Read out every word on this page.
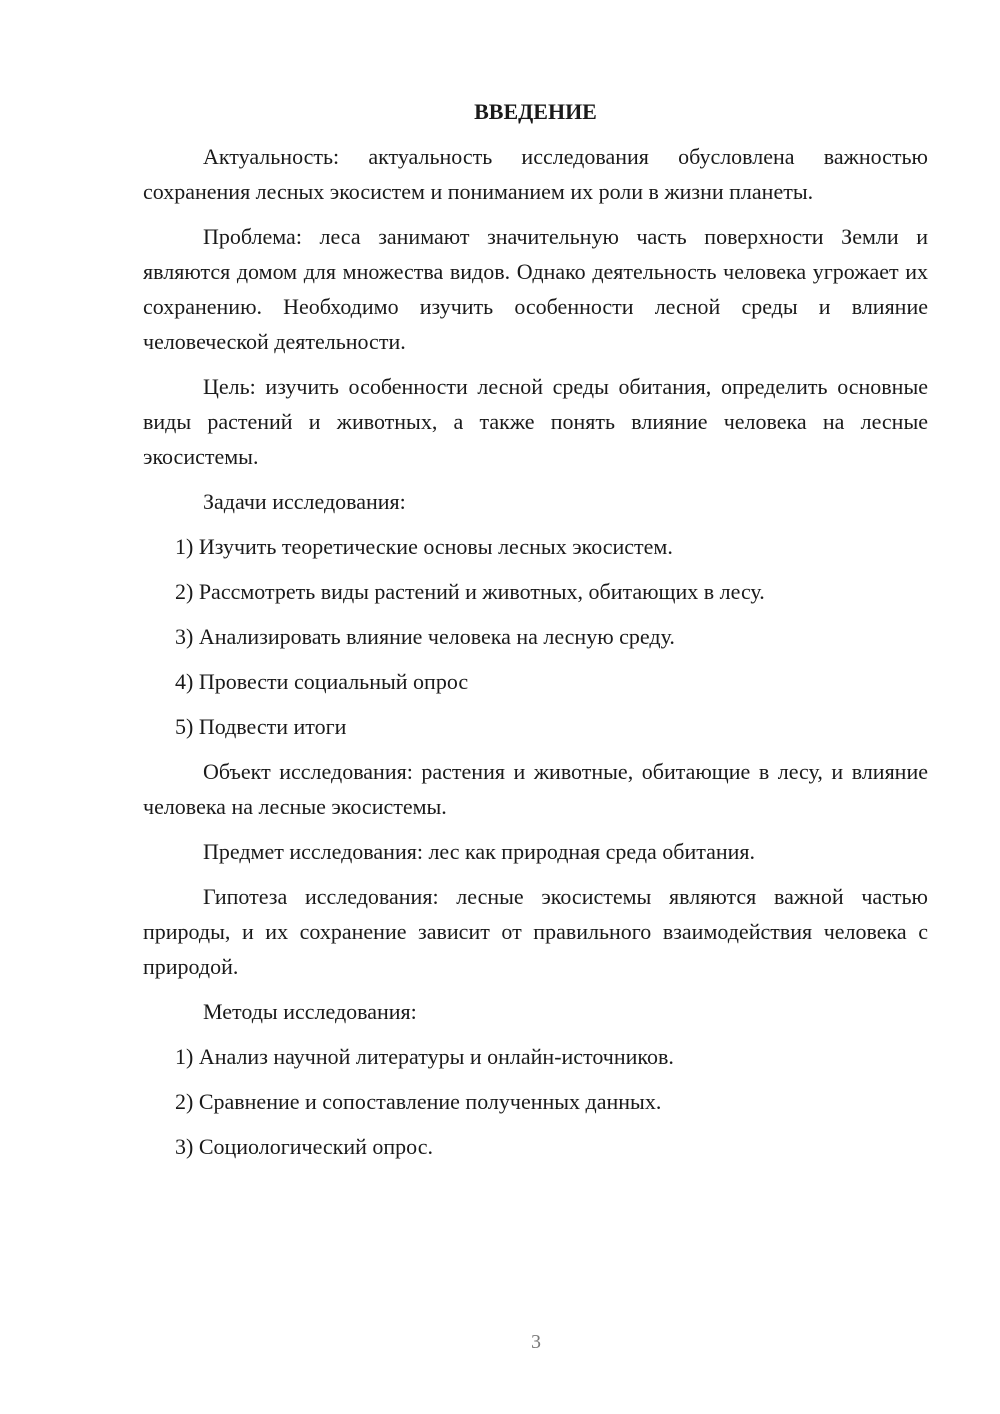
ВВЕДЕНИЕ

Актуальность: актуальность исследования обусловлена важностью сохранения лесных экосистем и пониманием их роли в жизни планеты.

Проблема: леса занимают значительную часть поверхности Земли и являются домом для множества видов. Однако деятельность человека угрожает их сохранению. Необходимо изучить особенности лесной среды и влияние человеческой деятельности.

Цель: изучить особенности лесной среды обитания, определить основные виды растений и животных, а также понять влияние человека на лесные экосистемы.

Задачи исследования:

1) Изучить теоретические основы лесных экосистем.

2) Рассмотреть виды растений и животных, обитающих в лесу.

3) Анализировать влияние человека на лесную среду.

4) Провести социальный опрос

5) Подвести итоги

Объект исследования: растения и животные, обитающие в лесу, и влияние человека на лесные экосистемы.

Предмет исследования: лес как природная среда обитания.

Гипотеза исследования: лесные экосистемы являются важной частью природы, и их сохранение зависит от правильного взаимодействия человека с природой.

Методы исследования:

1) Анализ научной литературы и онлайн-источников.

2) Сравнение и сопоставление полученных данных.

3) Социологический опрос.

3
